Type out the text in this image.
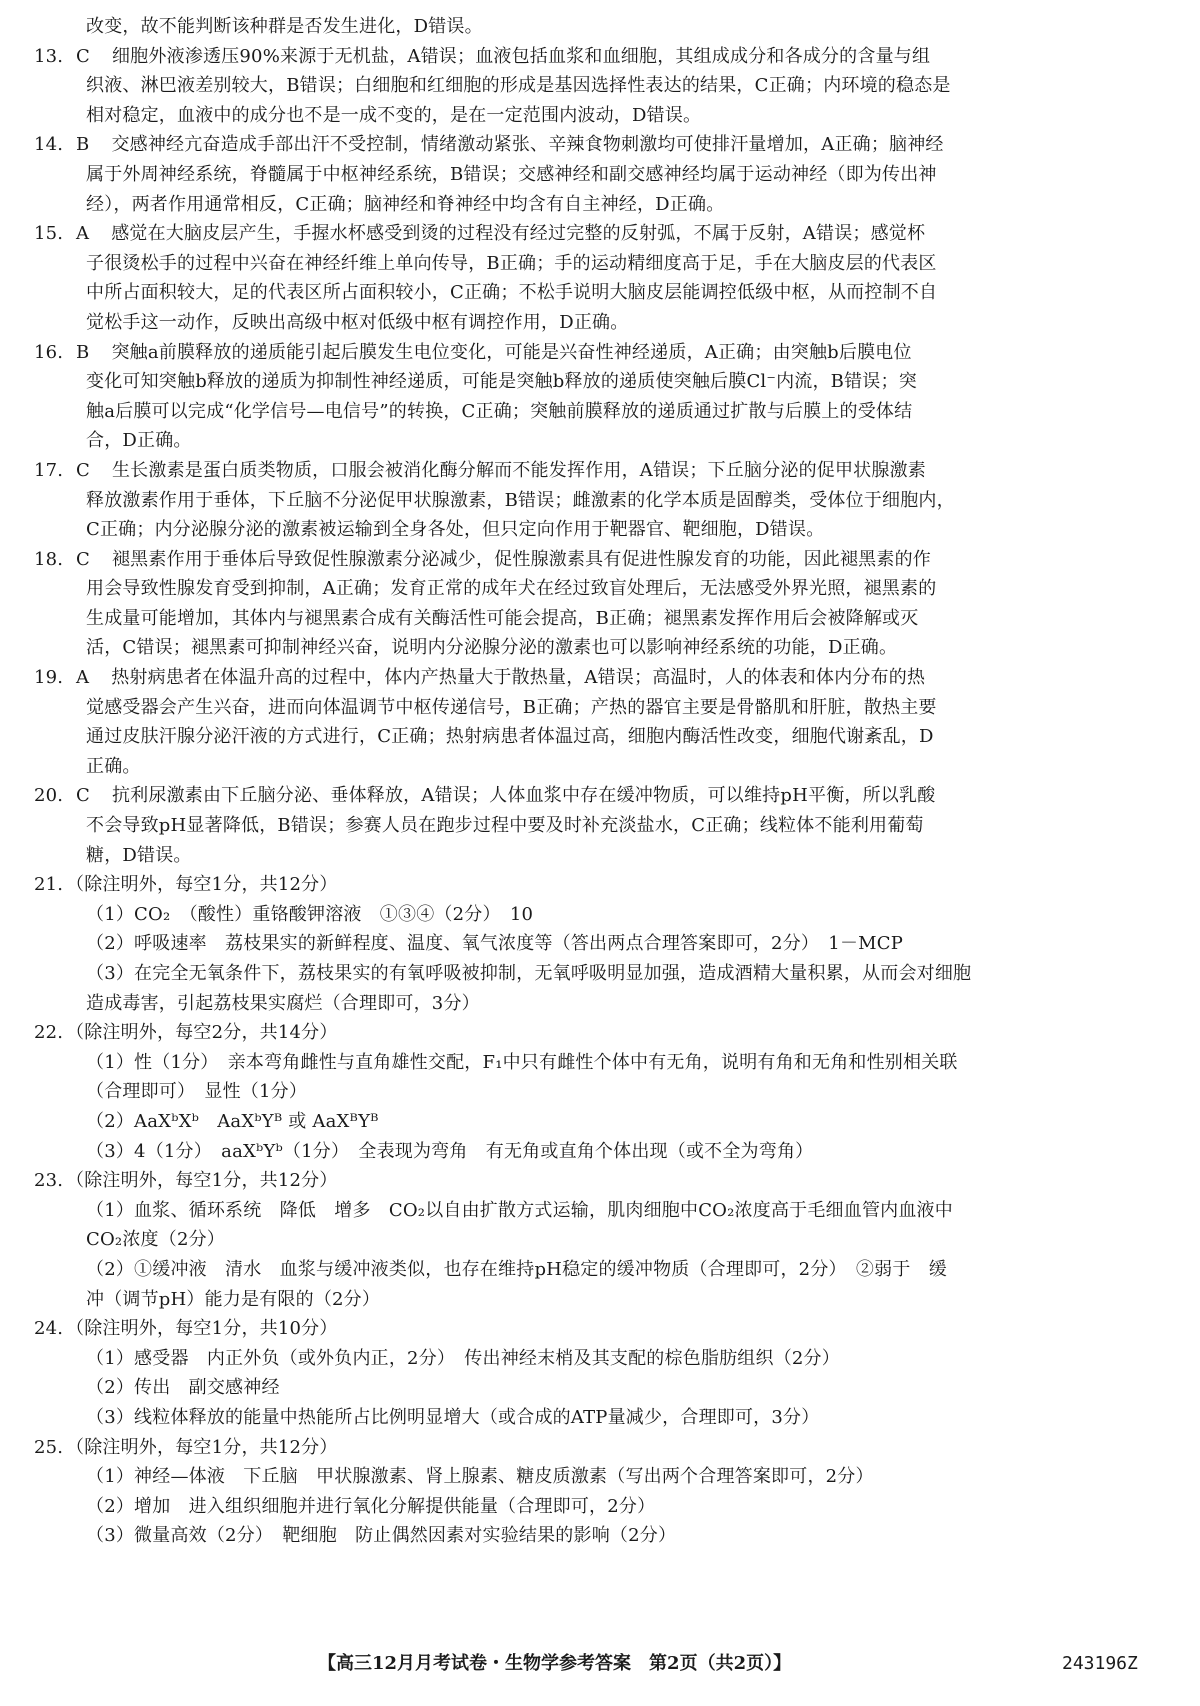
改变，故不能判断该种群是否发生进化，D错误。

13. C 细胞外液渗透压90%来源于无机盐，A错误；血液包括血浆和血细胞，其组成成分和各成分的含量与组
织液、淋巴液差别较大，B错误；白细胞和红细胞的形成是基因选择性表达的结果，C正确；内环境的稳态是
相对稳定，血液中的成分也不是一成不变的，是在一定范围内波动，D错误。
14. B 交感神经亢奋造成手部出汗不受控制，情绪激动紧张、辛辣食物刺激均可使排汗量增加，A正确；脑神经
属于外周神经系统，脊髓属于中枢神经系统，B错误；交感神经和副交感神经均属于运动神经（即为传出神
经），两者作用通常相反，C正确；脑神经和脊神经中均含有自主神经，D正确。
15. A 感觉在大脑皮层产生，手握水杯感受到烫的过程没有经过完整的反射弧，不属于反射，A错误；感觉杯
子很烫松手的过程中兴奋在神经纤维上单向传导，B正确；手的运动精细度高于足，手在大脑皮层的代表区
中所占面积较大，足的代表区所占面积较小，C正确；不松手说明大脑皮层能调控低级中枢，从而控制不自
觉松手这一动作，反映出高级中枢对低级中枢有调控作用，D正确。
16. B 突触a前膜释放的递质能引起后膜发生电位变化，可能是兴奋性神经递质，A正确；由突触b后膜电位
变化可知突触b释放的递质为抑制性神经递质，可能是突触b释放的递质使突触后膜Cl⁻内流，B错误；突
触a后膜可以完成“化学信号—电信号”的转换，C正确；突触前膜释放的递质通过扩散与后膜上的受体结
合，D正确。
17. C 生长激素是蛋白质类物质，口服会被消化酶分解而不能发挥作用，A错误；下丘脑分泌的促甲状腺激素
释放激素作用于垂体，下丘脑不分泌促甲状腺激素，B错误；雌激素的化学本质是固醇类，受体位于细胞内，
C正确；内分泌腺分泌的激素被运输到全身各处，但只定向作用于靶器官、靶细胞，D错误。
18. C 褪黑素作用于垂体后导致促性腺激素分泌减少，促性腺激素具有促进性腺发育的功能，因此褪黑素的作
用会导致性腺发育受到抑制，A正确；发育正常的成年犬在经过致盲处理后，无法感受外界光照，褪黑素的
生成量可能增加，其体内与褪黑素合成有关酶活性可能会提高，B正确；褪黑素发挥作用后会被降解或灭
活，C错误；褪黑素可抑制神经兴奋，说明内分泌腺分泌的激素也可以影响神经系统的功能，D正确。
19. A 热射病患者在体温升高的过程中，体内产热量大于散热量，A错误；高温时，人的体表和体内分布的热
觉感受器会产生兴奋，进而向体温调节中枢传递信号，B正确；产热的器官主要是骨骼肌和肝脏，散热主要
通过皮肤汗腺分泌汗液的方式进行，C正确；热射病患者体温过高，细胞内酶活性改变，细胞代谢紊乱，D
正确。
20. C 抗利尿激素由下丘脑分泌、垂体释放，A错误；人体血浆中存在缓冲物质，可以维持pH平衡，所以乳酸
不会导致pH显著降低，B错误；参赛人员在跑步过程中要及时补充淡盐水，C正确；线粒体不能利用葡萄
糖，D错误。
21. （除注明外，每空1分，共12分）
（1）CO₂　（酸性）重铬酸钾溶液　①③④（2分）　10
（2）呼吸速率　荔枝果实的新鲜程度、温度、氧气浓度等（答出两点合理答案即可，2分）　1－MCP
（3）在完全无氧条件下，荔枝果实的有氧呼吸被抑制，无氧呼吸明显加强，造成酒精大量积累，从而会对细胞
造成毒害，引起荔枝果实腐烂（合理即可，3分）
22. （除注明外，每空2分，共14分）
（1）性（1分）　亲本弯角雌性与直角雄性交配，F₁中只有雌性个体中有无角，说明有角和无角和性别相关联
（合理即可）　显性（1分）
（2）AaXᵇXᵇ　AaXᵇYᴮ 或 AaXᴮYᴮ
（3）4（1分）　aaXᵇYᵇ（1分）　全表现为弯角　有无角或直角个体出现（或不全为弯角）
23. （除注明外，每空1分，共12分）
（1）血浆、循环系统　降低　增多　CO₂以自由扩散方式运输，肌肉细胞中CO₂浓度高于毛细血管内血液中
CO₂浓度（2分）
（2）①缓冲液　清水　血浆与缓冲液类似，也存在维持pH稳定的缓冲物质（合理即可，2分）　②弱于　缓
冲（调节pH）能力是有限的（2分）
24. （除注明外，每空1分，共10分）
（1）感受器　内正外负（或外负内正，2分）　传出神经末梢及其支配的棕色脂肪组织（2分）
（2）传出　副交感神经
（3）线粒体释放的能量中热能所占比例明显增大（或合成的ATP量减少，合理即可，3分）
25. （除注明外，每空1分，共12分）
（1）神经—体液　下丘脑　甲状腺激素、肾上腺素、糖皮质激素（写出两个合理答案即可，2分）
（2）增加　进入组织细胞并进行氧化分解提供能量（合理即可，2分）
（3）微量高效（2分）　靶细胞　防止偶然因素对实验结果的影响（2分）
【高三12月月考试卷・生物学参考答案　第2页（共2页）】	243196Z
